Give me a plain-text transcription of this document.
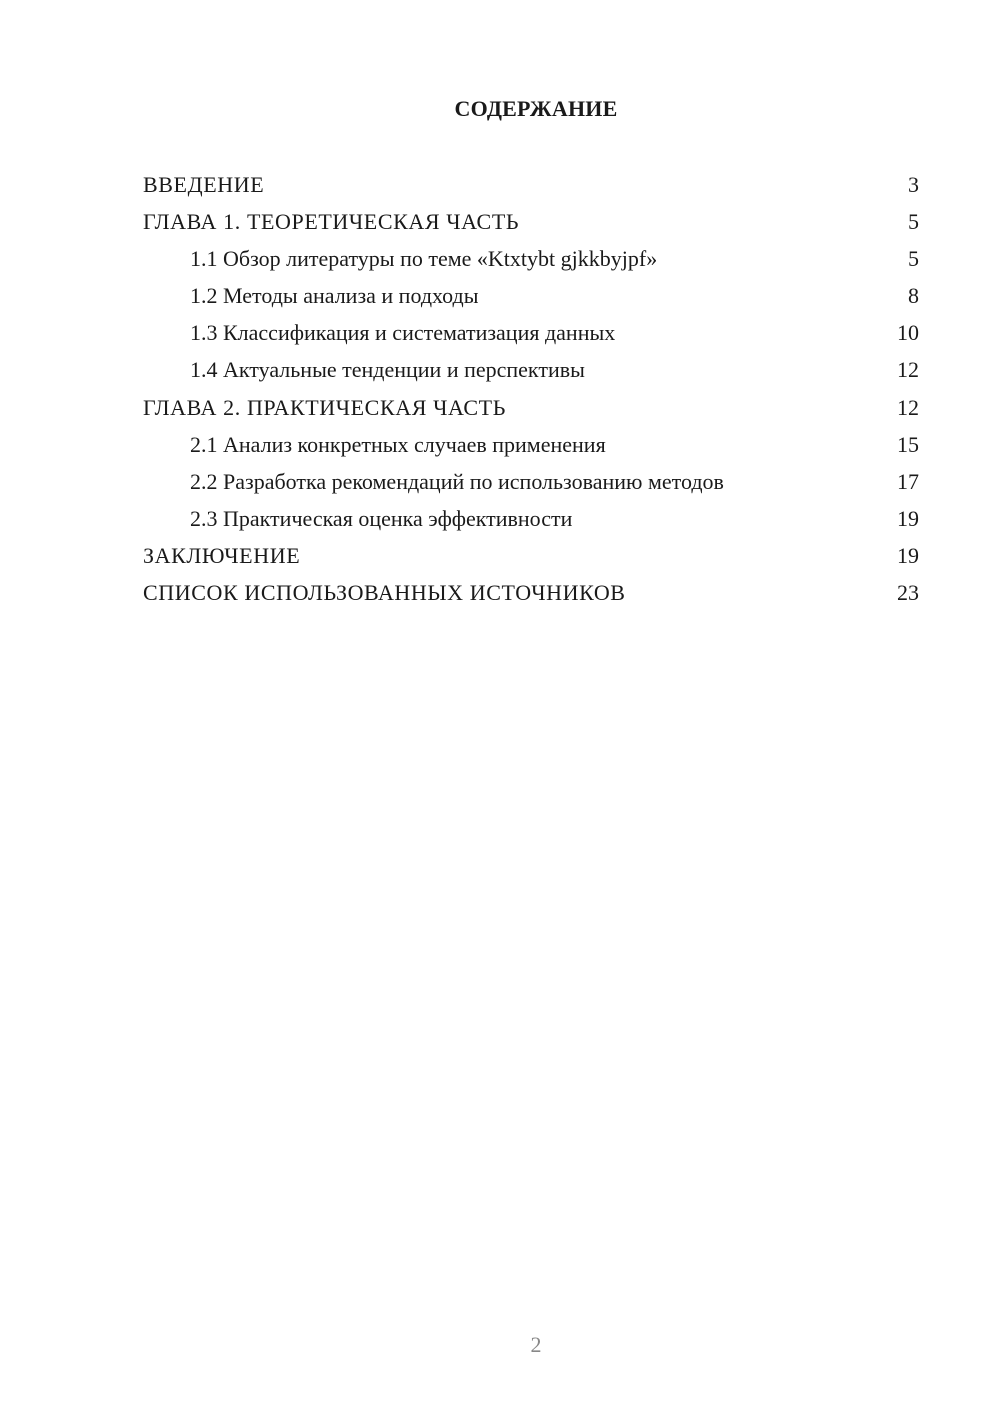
СОДЕРЖАНИЕ
ВВЕДЕНИЕ	3
ГЛАВА 1. ТЕОРЕТИЧЕСКАЯ ЧАСТЬ	5
1.1 Обзор литературы по теме «Ktxtybt gjkkbyjpf»	5
1.2 Методы анализа и подходы	8
1.3 Классификация и систематизация данных	10
1.4 Актуальные тенденции и перспективы	12
ГЛАВА 2. ПРАКТИЧЕСКАЯ ЧАСТЬ	12
2.1 Анализ конкретных случаев применения	15
2.2 Разработка рекомендаций по использованию методов	17
2.3 Практическая оценка эффективности	19
ЗАКЛЮЧЕНИЕ	19
СПИСОК ИСПОЛЬЗОВАННЫХ ИСТОЧНИКОВ	23
2
